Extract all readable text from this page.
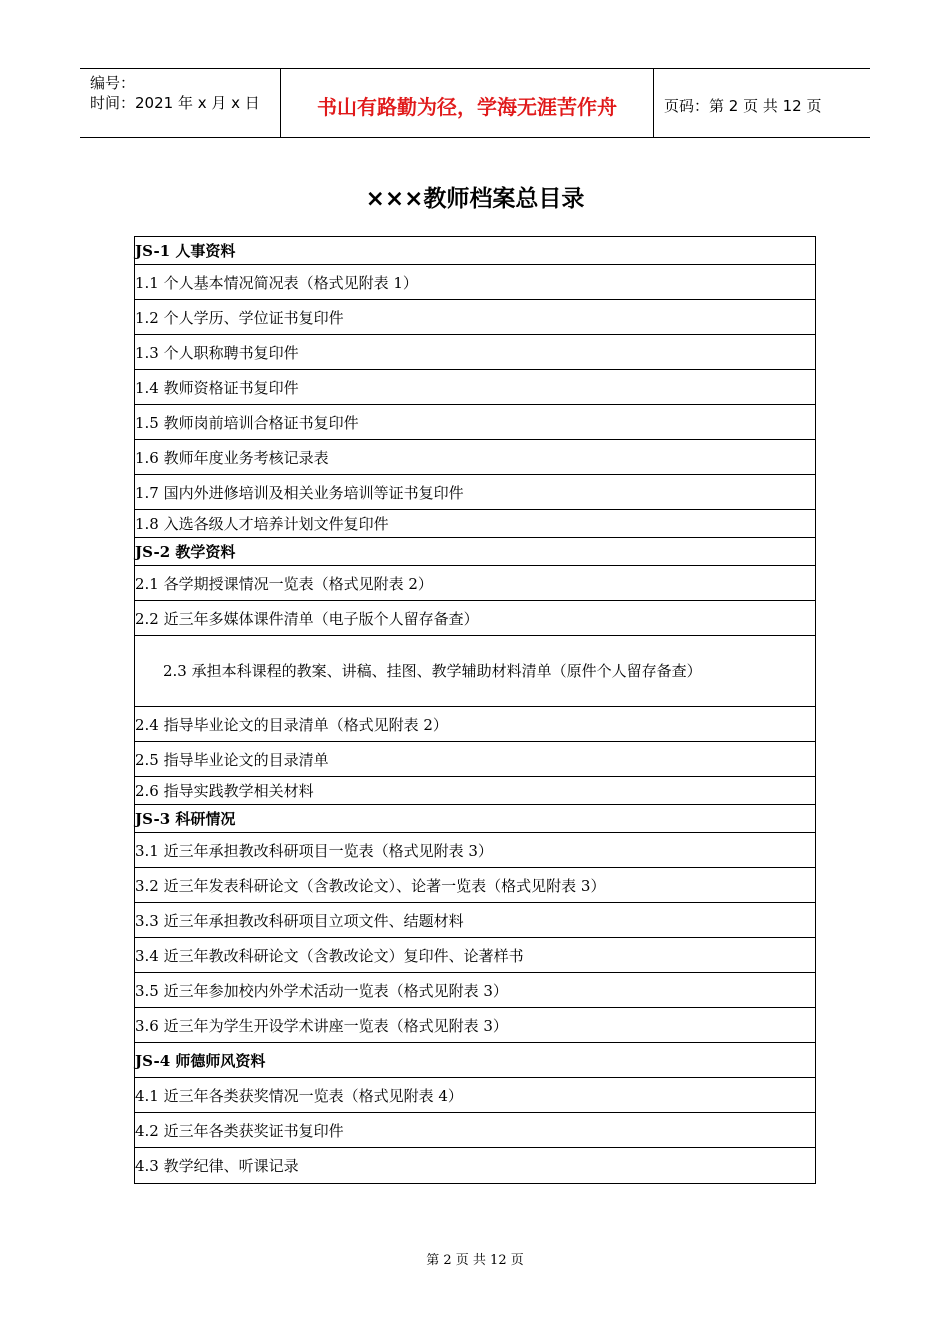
编号：
时间：2021 年 x 月 x 日	书山有路勤为径，学海无涯苦作舟	页码：第 2 页 共 12 页
×××教师档案总目录
JS-1 人事资料
1.1 个人基本情况简况表（格式见附表 1）
1.2 个人学历、学位证书复印件
1.3 个人职称聘书复印件
1.4 教师资格证书复印件
1.5 教师岗前培训合格证书复印件
1.6 教师年度业务考核记录表
1.7 国内外进修培训及相关业务培训等证书复印件
1.8 入选各级人才培养计划文件复印件
JS-2 教学资料
2.1 各学期授课情况一览表（格式见附表 2）
2.2 近三年多媒体课件清单（电子版个人留存备查）
2.3 承担本科课程的教案、讲稿、挂图、教学辅助材料清单（原件个人留存备查）
2.4 指导毕业论文的目录清单（格式见附表 2）
2.5 指导毕业论文的目录清单
2.6 指导实践教学相关材料
JS-3 科研情况
3.1 近三年承担教改科研项目一览表（格式见附表 3）
3.2 近三年发表科研论文（含教改论文）、论著一览表（格式见附表 3）
3.3 近三年承担教改科研项目立项文件、结题材料
3.4 近三年教改科研论文（含教改论文）复印件、论著样书
3.5 近三年参加校内外学术活动一览表（格式见附表 3）
3.6 近三年为学生开设学术讲座一览表（格式见附表 3）
JS-4 师德师风资料
4.1 近三年各类获奖情况一览表（格式见附表 4）
4.2 近三年各类获奖证书复印件
4.3 教学纪律、听课记录
第 2 页 共 12 页
